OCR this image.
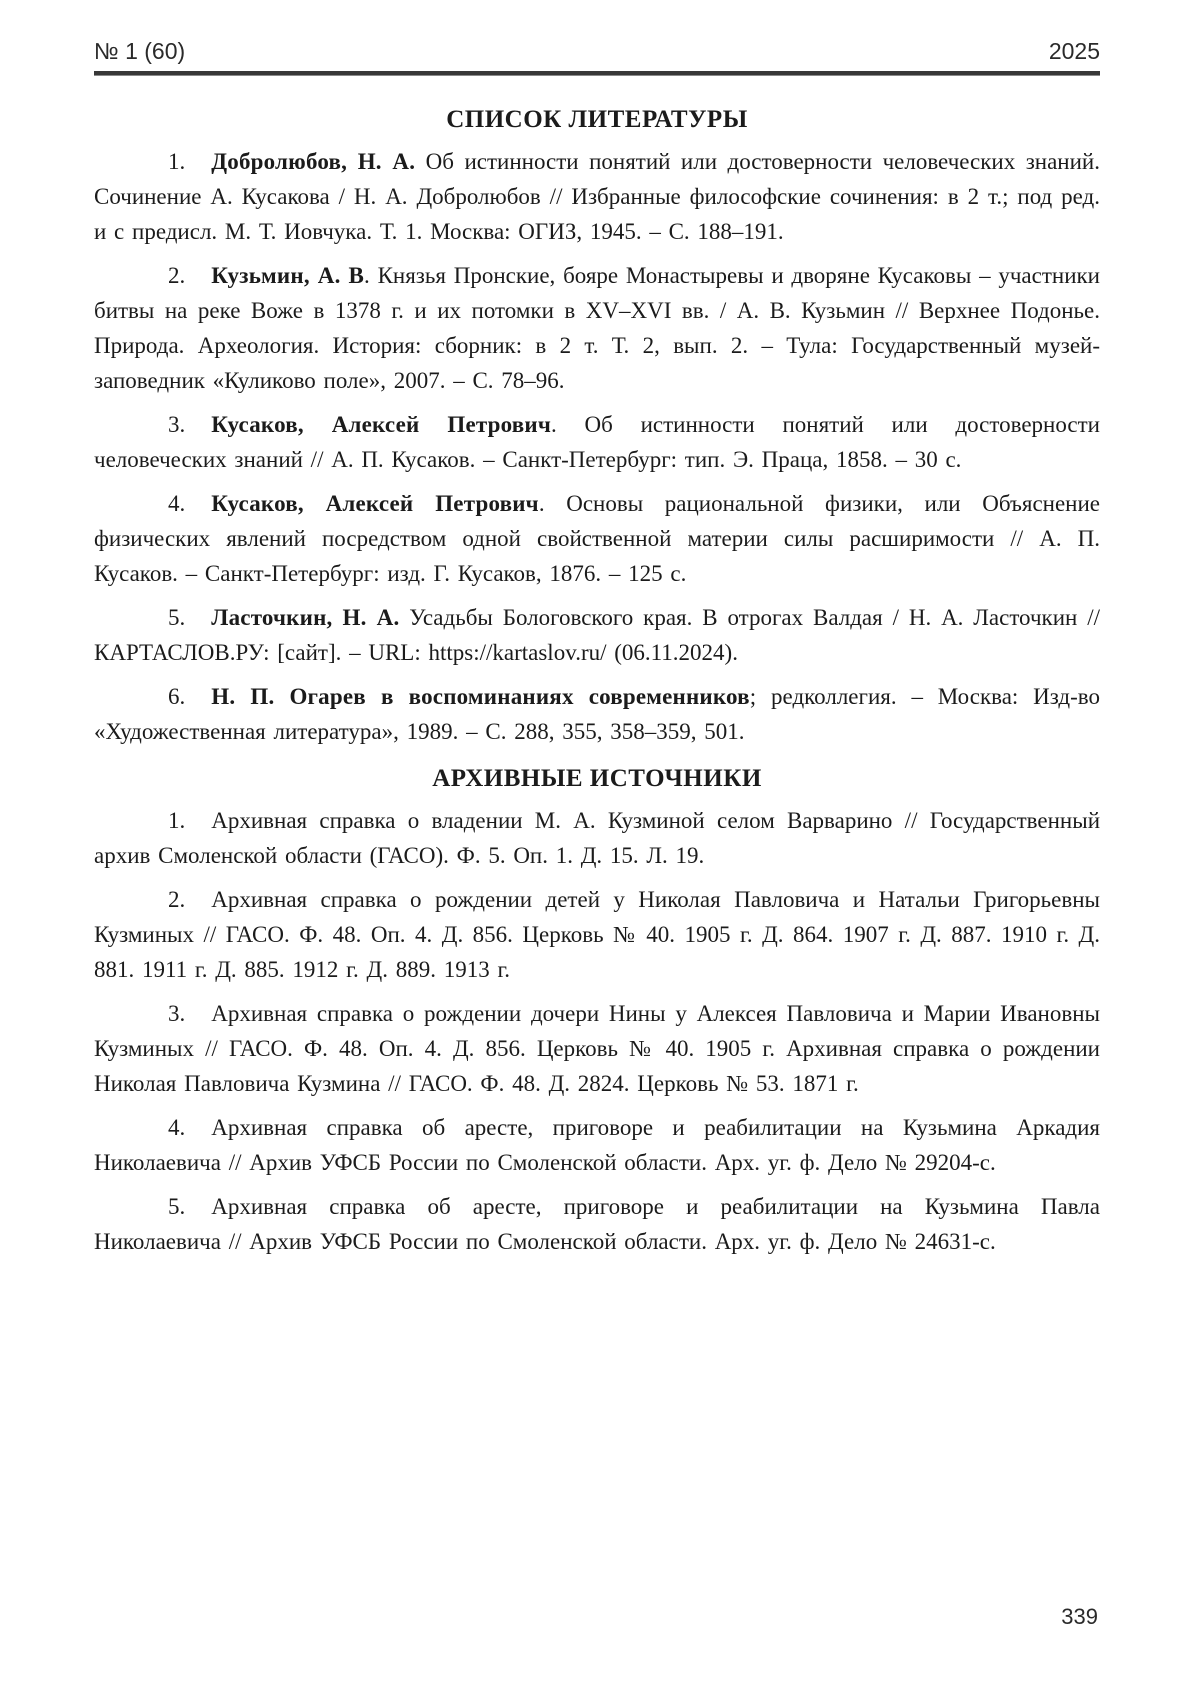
№ 1 (60)	2025
СПИСОК ЛИТЕРАТУРЫ

1. Добролюбов, Н. А. Об истинности понятий или достоверности человеческих знаний. Сочинение А. Кусакова / Н. А. Добролюбов // Избранные философские сочинения: в 2 т.; под ред. и с предисл. М. Т. Иовчука. Т. 1. Москва: ОГИЗ, 1945. – С. 188–191.

2. Кузьмин, А. В. Князья Пронские, бояре Монастыревы и дворяне Кусаковы – участники битвы на реке Воже в 1378 г. и их потомки в XV–XVI вв. / А. В. Кузьмин // Верхнее Подонье. Природа. Археология. История: сборник: в 2 т. Т. 2, вып. 2. – Тула: Государственный музей-заповедник «Куликово поле», 2007. – С. 78–96.

3. Кусаков, Алексей Петрович. Об истинности понятий или достоверности человеческих знаний // А. П. Кусаков. – Санкт-Петербург: тип. Э. Праца, 1858. – 30 с.

4. Кусаков, Алексей Петрович. Основы рациональной физики, или Объяснение физических явлений посредством одной свойственной материи силы расширимости // А. П. Кусаков. – Санкт-Петербург: изд. Г. Кусаков, 1876. – 125 с.

5. Ласточкин, Н. А. Усадьбы Бологовского края. В отрогах Валдая / Н. А. Ласточкин // КАРТАСЛОВ.РУ: [сайт]. – URL: https://kartaslov.ru/ (06.11.2024).

6. Н. П. Огарев в воспоминаниях современников; редколлегия. – Москва: Изд-во «Художественная литература», 1989. – С. 288, 355, 358–359, 501.

АРХИВНЫЕ ИСТОЧНИКИ

1. Архивная справка о владении М. А. Кузминой селом Варварино // Государственный архив Смоленской области (ГАСО). Ф. 5. Оп. 1. Д. 15. Л. 19.

2. Архивная справка о рождении детей у Николая Павловича и Натальи Григорьевны Кузминых // ГАСО. Ф. 48. Оп. 4. Д. 856. Церковь № 40. 1905 г. Д. 864. 1907 г. Д. 887. 1910 г. Д. 881. 1911 г. Д. 885. 1912 г. Д. 889. 1913 г.

3. Архивная справка о рождении дочери Нины у Алексея Павловича и Марии Ивановны Кузминых // ГАСО. Ф. 48. Оп. 4. Д. 856. Церковь № 40. 1905 г. Архивная справка о рождении Николая Павловича Кузмина // ГАСО. Ф. 48. Д. 2824. Церковь № 53. 1871 г.

4. Архивная справка об аресте, приговоре и реабилитации на Кузьмина Аркадия Николаевича // Архив УФСБ России по Смоленской области. Арх. уг. ф. Дело № 29204-с.

5. Архивная справка об аресте, приговоре и реабилитации на Кузьмина Павла Николаевича // Архив УФСБ России по Смоленской области. Арх. уг. ф. Дело № 24631-с.

339
